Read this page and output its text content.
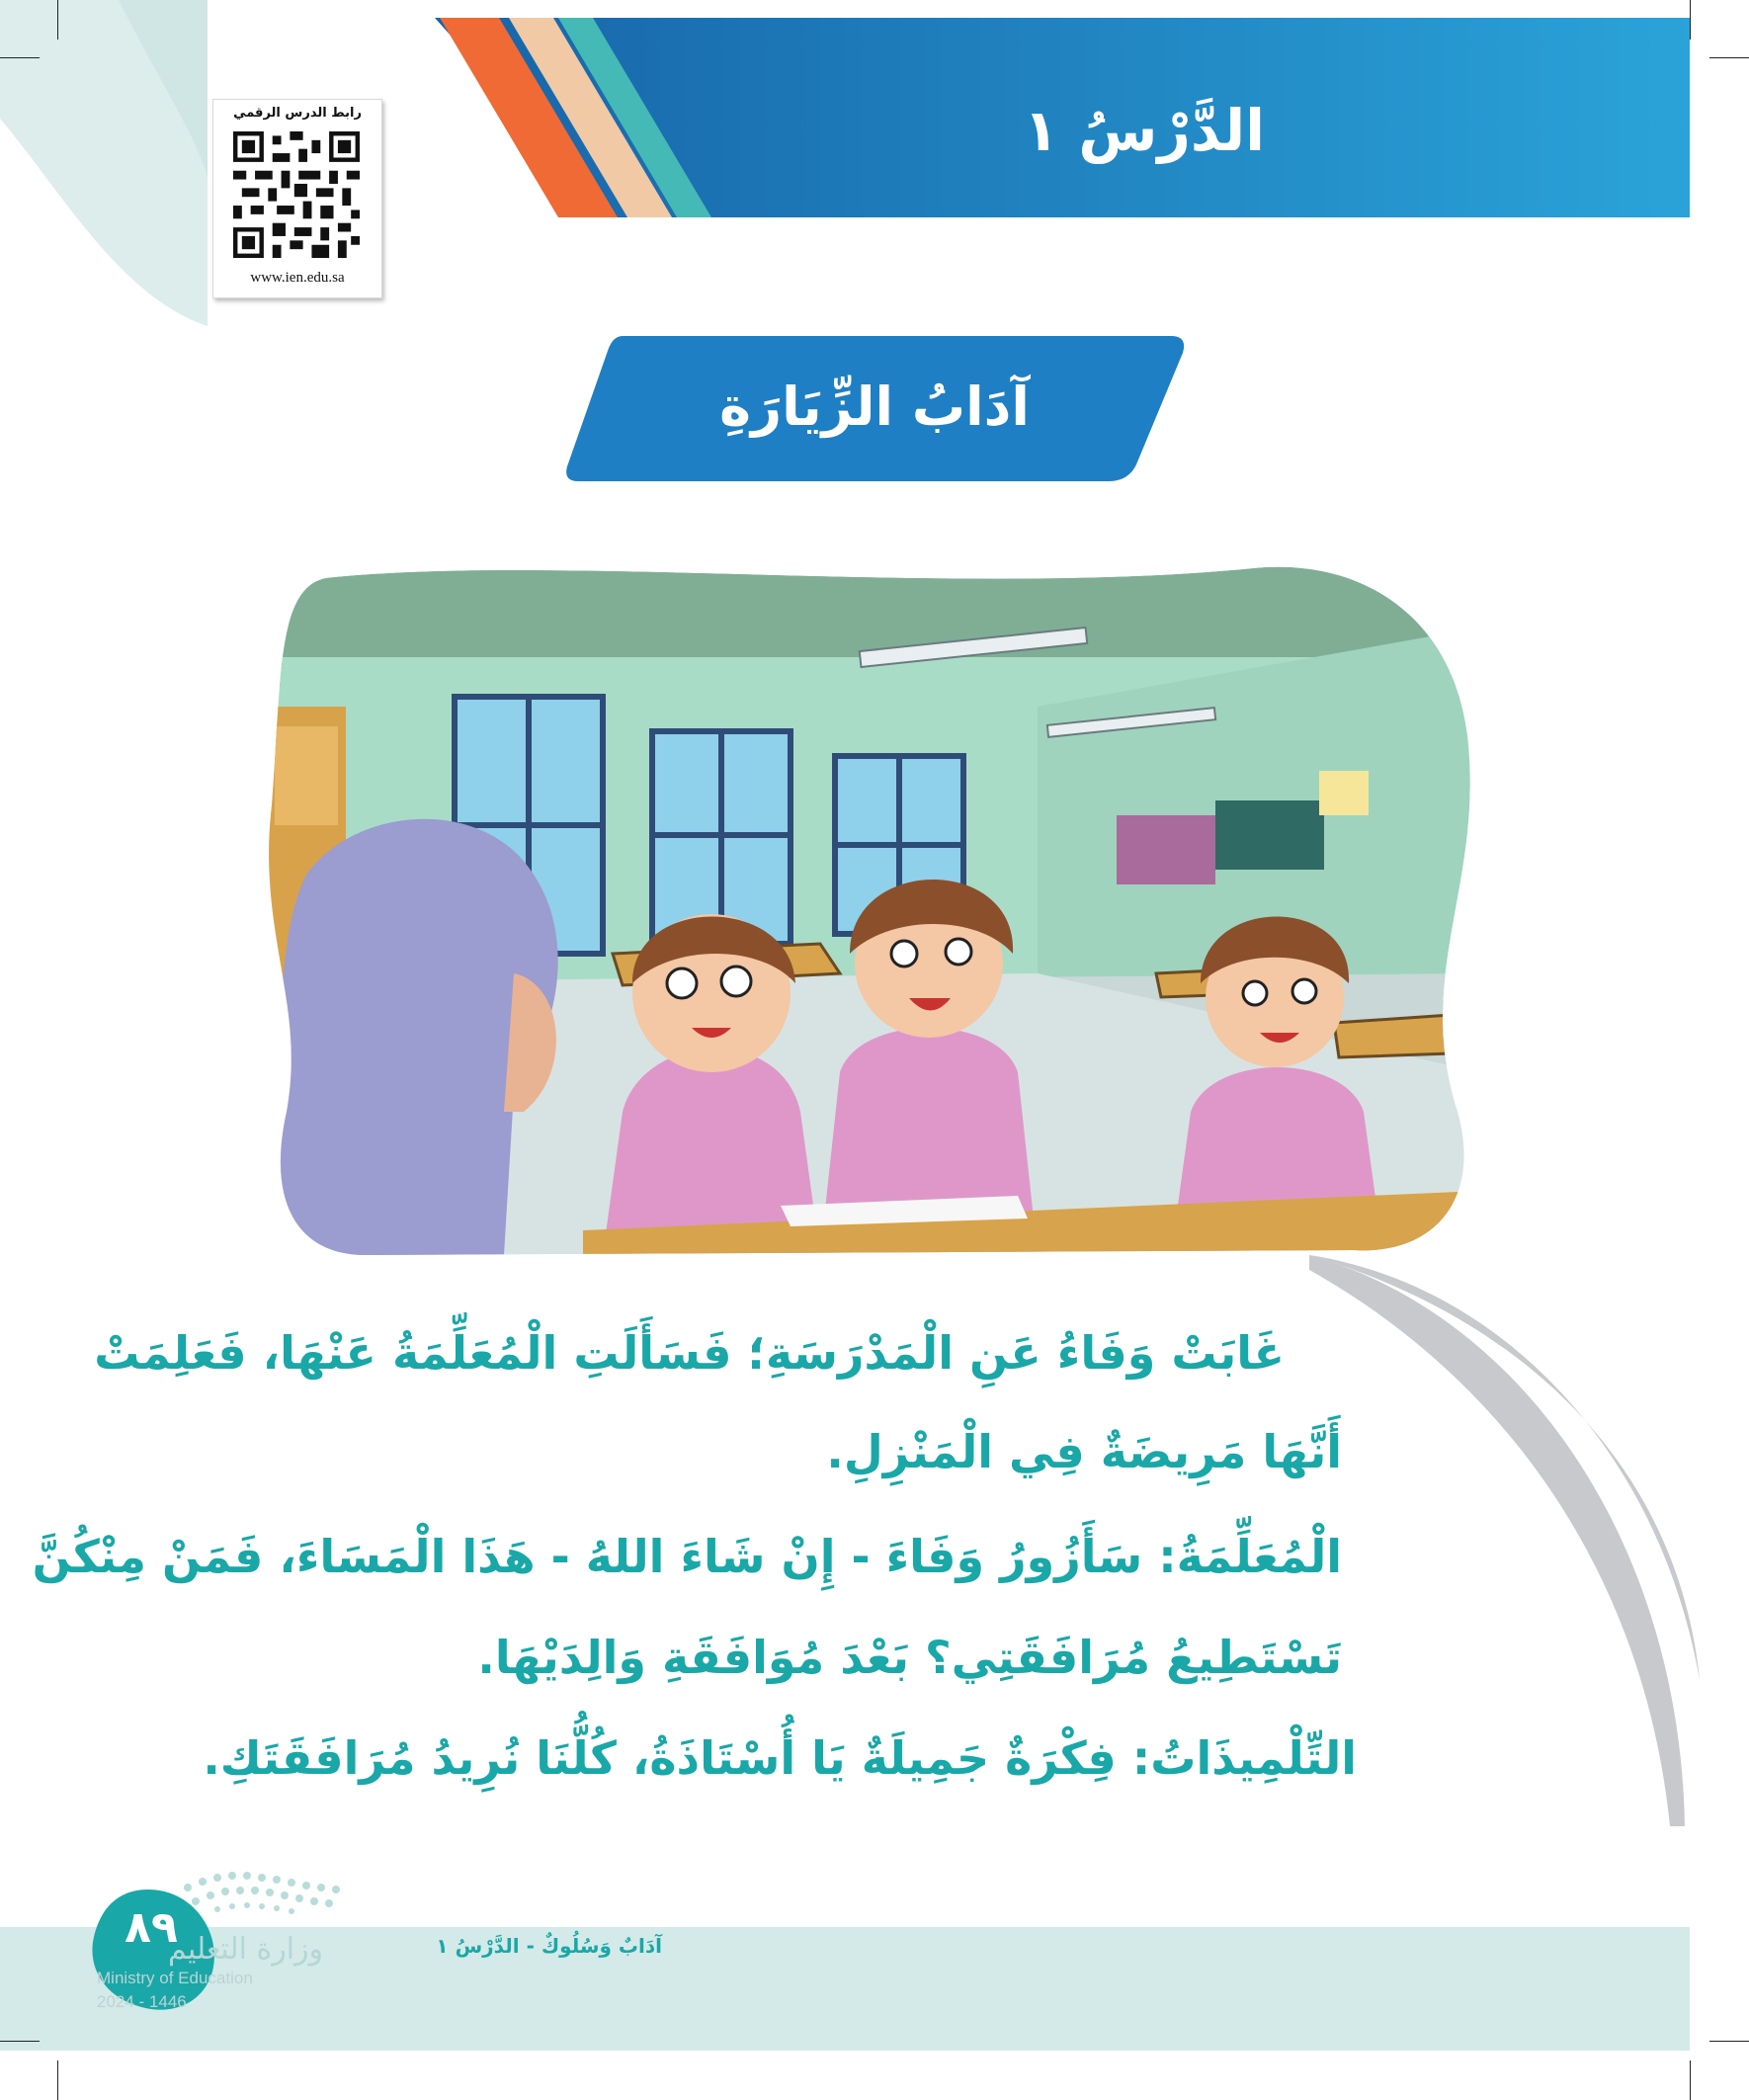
الدَّرْسُ ١
رابط الدرس الرقمي
www.ien.edu.sa
آدَابُ الزِّيَارَةِ
غَابَتْ وَفَاءُ عَنِ الْمَدْرَسَةِ؛ فَسَأَلَتِ الْمُعَلِّمَةُ عَنْهَا، فَعَلِمَتْ
أَنَّهَا مَرِيضَةٌ فِي الْمَنْزِلِ.
الْمُعَلِّمَةُ: سَأَزُورُ وَفَاءَ - إِنْ شَاءَ اللهُ - هَذَا الْمَسَاءَ، فَمَنْ مِنْكُنَّ
تَسْتَطِيعُ مُرَافَقَتِي؟ بَعْدَ مُوَافَقَةِ وَالِدَيْهَا.
التِّلْمِيذَاتُ: فِكْرَةٌ جَمِيلَةٌ يَا أُسْتَاذَةُ، كُلُّنَا نُرِيدُ مُرَافَقَتَكِ.
٨٩
وزارة التعليم
Ministry of Education
2024 - 1446
آدَابٌ وَسُلُوكٌ - الدَّرْسُ ١
